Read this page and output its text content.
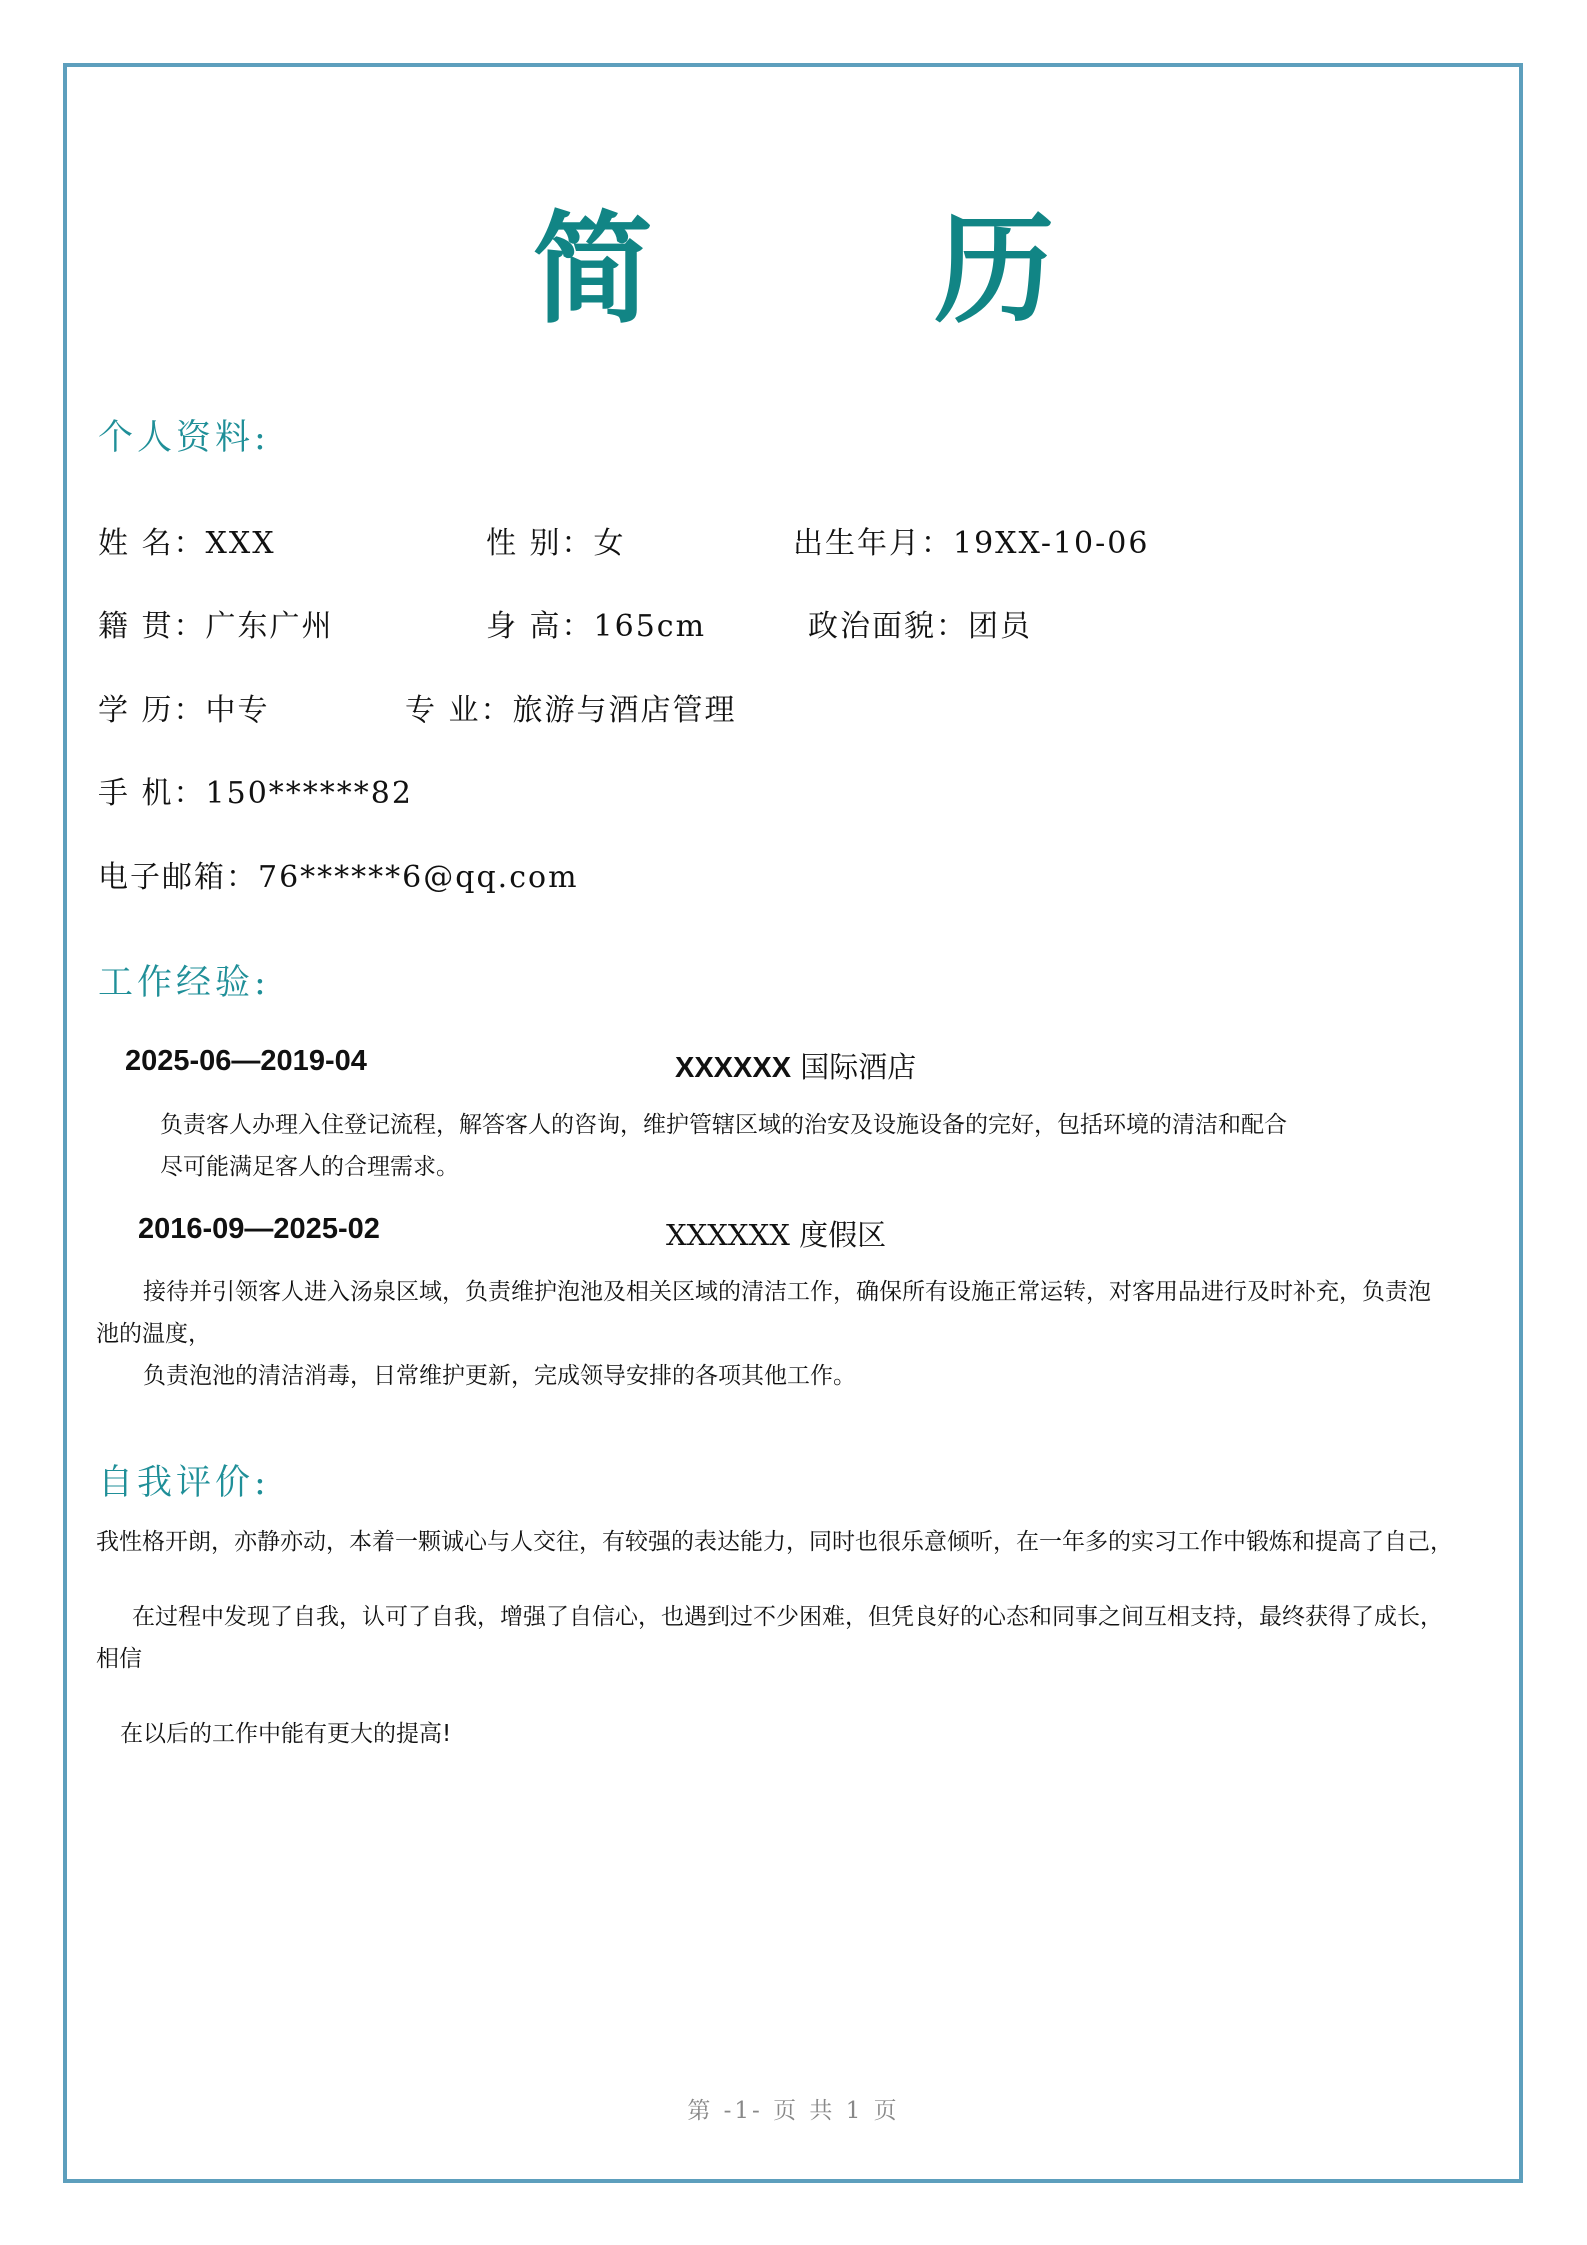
简 历
个人资料:
姓 名：XXX	性 别：女	出生年月：19XX-10-06
籍 贯：广东广州	身 高：165cm	政治面貌：团员
学 历：中专	专 业：旅游与酒店管理
手 机：150******82
电子邮箱：76******6@qq.com
工作经验:
2025-06—2019-04	XXXXXX 国际酒店
负责客人办理入住登记流程，解答客人的咨询，维护管辖区域的治安及设施设备的完好，包括环境的清洁和配合
尽可能满足客人的合理需求。
2016-09—2025-02	XXXXXX 度假区
接待并引领客人进入汤泉区域，负责维护泡池及相关区域的清洁工作，确保所有设施正常运转，对客用品进行及时补充，负责泡
池的温度，
负责泡池的清洁消毒，日常维护更新，完成领导安排的各项其他工作。
自我评价:
我性格开朗，亦静亦动，本着一颗诚心与人交往，有较强的表达能力，同时也很乐意倾听，在一年多的实习工作中锻炼和提高了自己，
在过程中发现了自我，认可了自我，增强了自信心，也遇到过不少困难，但凭良好的心态和同事之间互相支持，最终获得了成长，
相信
在以后的工作中能有更大的提高!
第 -1- 页 共 1 页
